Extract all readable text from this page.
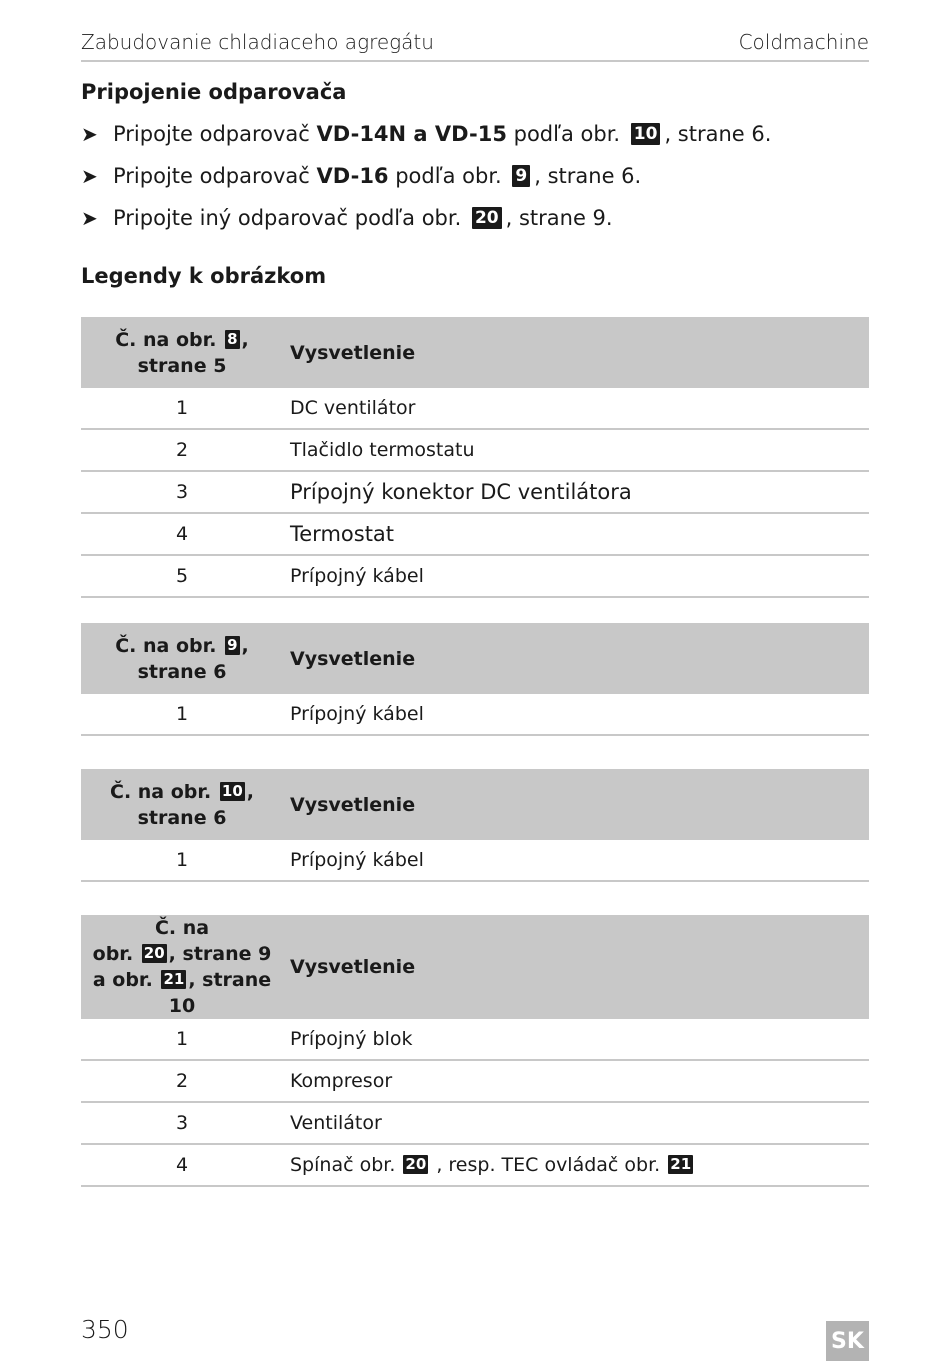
Zabudovanie chladiaceho agregátu	Coldmachine
Pripojenie odparovača
➤ Pripojte odparovač VD-14N a VD-15 podľa obr. 10 , strane 6.
➤ Pripojte odparovač VD-16 podľa obr. 9 , strane 6.
➤ Pripojte iný odparovač podľa obr. 20 , strane 9.
Legendy k obrázkom
Č. na obr. 8 ,
strane 5	Vysvetlenie
1	DC ventilátor
2	Tlačidlo termostatu
3	Prípojný konektor DC ventilátora
4	Termostat
5	Prípojný kábel
Č. na obr. 9 ,
strane 6	Vysvetlenie
1	Prípojný kábel
Č. na obr. 10 ,
strane 6	Vysvetlenie
1	Prípojný kábel
Č. na
obr. 20 , strane 9
a obr. 21 , strane 10	Vysvetlenie
1	Prípojný blok
2	Kompresor
3	Ventilátor
4	Spínač obr. 20 , resp. TEC ovládač obr. 21
350	SK
